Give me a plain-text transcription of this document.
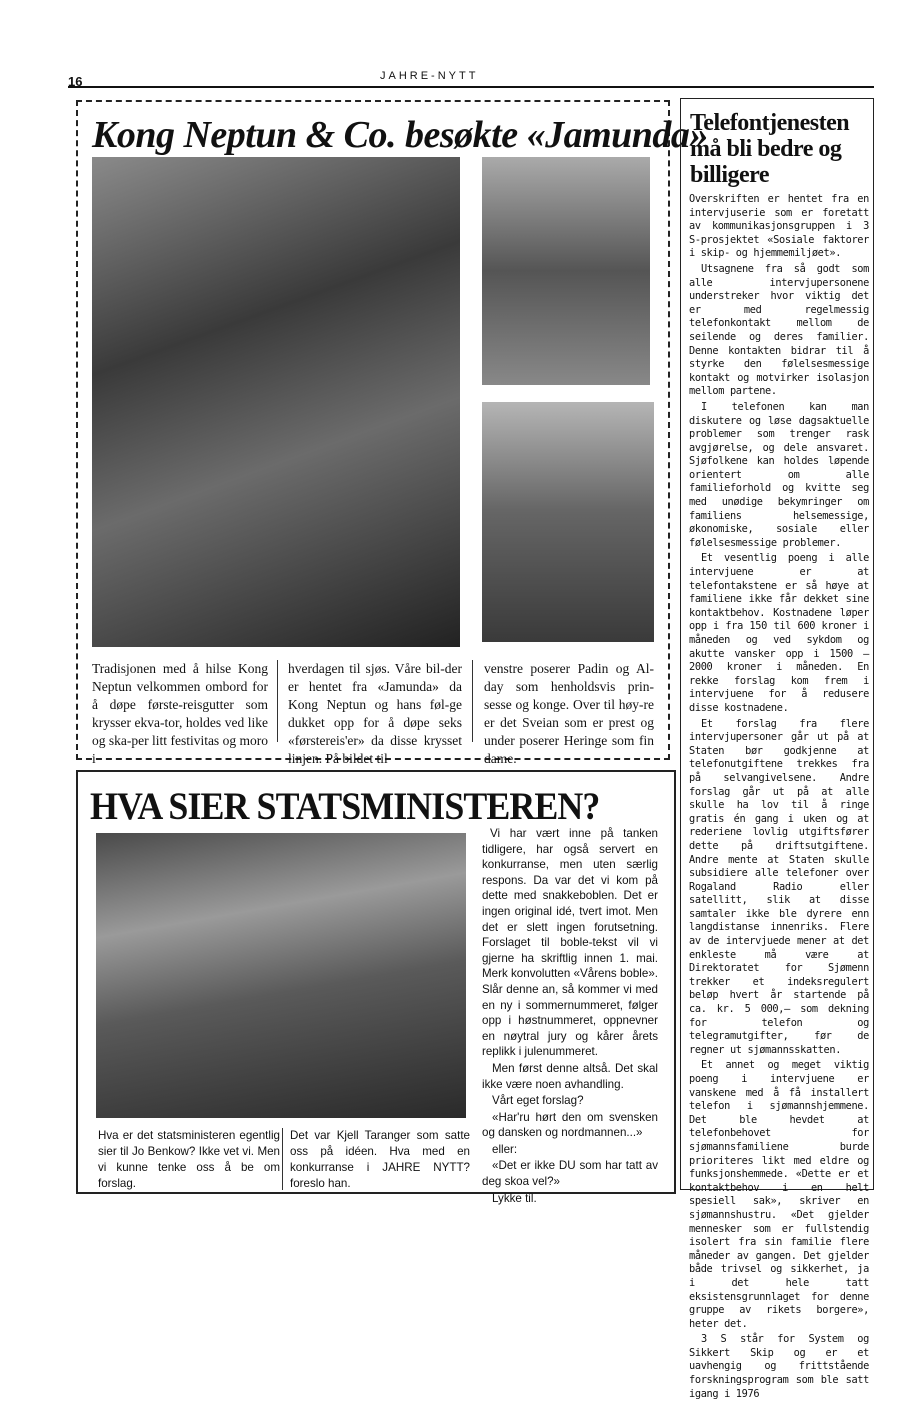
16	JAHRE-NYTT
Kong Neptun & Co. besøkte «Jamunda»
Tradisjonen med å hilse Kong Neptun velkommen ombord for å døpe første-reisgutter som krysser ekva-tor, holdes ved like og ska-per litt festivitas og moro i
hverdagen til sjøs. Våre bil-der er hentet fra «Jamunda» da Kong Neptun og hans føl-ge dukket opp for å døpe seks «førstereis'er» da disse krysset linjen. På bildet til
venstre poserer Padin og Al-day som henholdsvis prin-sesse og konge. Over til høy-re er det Sveian som er prest og under poserer Heringe som fin dame.
Telefontjenesten må bli bedre og billigere

Overskriften er hentet fra en intervjuserie som er foretatt av kommunikasjonsgruppen i 3 S-prosjektet «Sosiale faktorer i skip- og hjemmemiljøet».

Utsagnene fra så godt som alle intervjupersonene understreker hvor viktig det er med regelmessig telefonkontakt mellom de seilende og deres familier. Denne kontakten bidrar til å styrke den følelsesmessige kontakt og motvirker isolasjon mellom partene.

I telefonen kan man diskutere og løse dagsaktuelle problemer som trenger rask avgjørelse, og dele ansvaret. Sjøfolkene kan holdes løpende orientert om alle familieforhold og kvitte seg med unødige bekymringer om familiens helsemessige, økonomiske, sosiale eller følelsesmessige problemer.

Et vesentlig poeng i alle intervjuene er at telefontakstene er så høye at familiene ikke får dekket sine kontaktbehov. Kostnadene løper opp i fra 150 til 600 kroner i måneden og ved sykdom og akutte vansker opp i 1500 — 2000 kroner i måneden. En rekke forslag kom frem i intervjuene for å redusere disse kostnadene.

Et forslag fra flere intervjupersoner går ut på at Staten bør godkjenne at telefonutgiftene trekkes fra på selvangivelsene. Andre forslag går ut på at alle skulle ha lov til å ringe gratis én gang i uken og at rederiene lovlig utgiftsfører dette på driftsutgiftene. Andre mente at Staten skulle subsidiere alle telefoner over Rogaland Radio eller satellitt, slik at disse samtaler ikke ble dyrere enn langdistanse innenriks. Flere av de intervjuede mener at det enkleste må være at Direktoratet for Sjømenn trekker et indeksregulert beløp hvert år startende på ca. kr. 5 000,— som dekning for telefon og telegramutgifter, før de regner ut sjømannsskatten.

Et annet og meget viktig poeng i intervjuene er vanskene med å få installert telefon i sjømannshjemmene. Det ble hevdet at telefonbehovet for sjømannsfamiliene burde prioriteres likt med eldre og funksjonshemmede. «Dette er et kontaktbehov i en helt spesiell sak», skriver en sjømannshustru. «Det gjelder mennesker som er fullstendig isolert fra sin familie flere måneder av gangen. Det gjelder både trivsel og sikkerhet, ja i det hele tatt eksistensgrunnlaget for denne gruppe av rikets borgere», heter det.

3 S står for System og Sikkert Skip og er et uavhengig og frittstående forskningsprogram som ble satt igang i 1976

HVA SIER STATSMINISTEREN?

Vi har vært inne på tanken tidligere, har også servert en konkurranse, men uten særlig respons. Da var det vi kom på dette med snakkeboblen. Det er ingen original idé, tvert imot. Men det er slett ingen forutsetning. Forslaget til boble-tekst vil vi gjerne ha skriftlig innen 1. mai. Merk konvolutten «Vårens boble». Slår denne an, så kommer vi med en ny i sommernummeret, følger opp i høstnummeret, oppnevner en nøytral jury og kårer årets replikk i julenummeret.

Men først denne altså. Det skal ikke være noen avhandling.

Vårt eget forslag?

«Har'ru hørt den om svensken og dansken og nordmannen...»

eller:

«Det er ikke DU som har tatt av deg skoa vel?»

Lykke til.

Hva er det statsministeren egentlig sier til Jo Benkow? Ikke vet vi. Men vi kunne tenke oss å be om forslag.
Det var Kjell Taranger som satte oss på idéen. Hva med en konkurranse i JAHRE NYTT? foreslo han.
